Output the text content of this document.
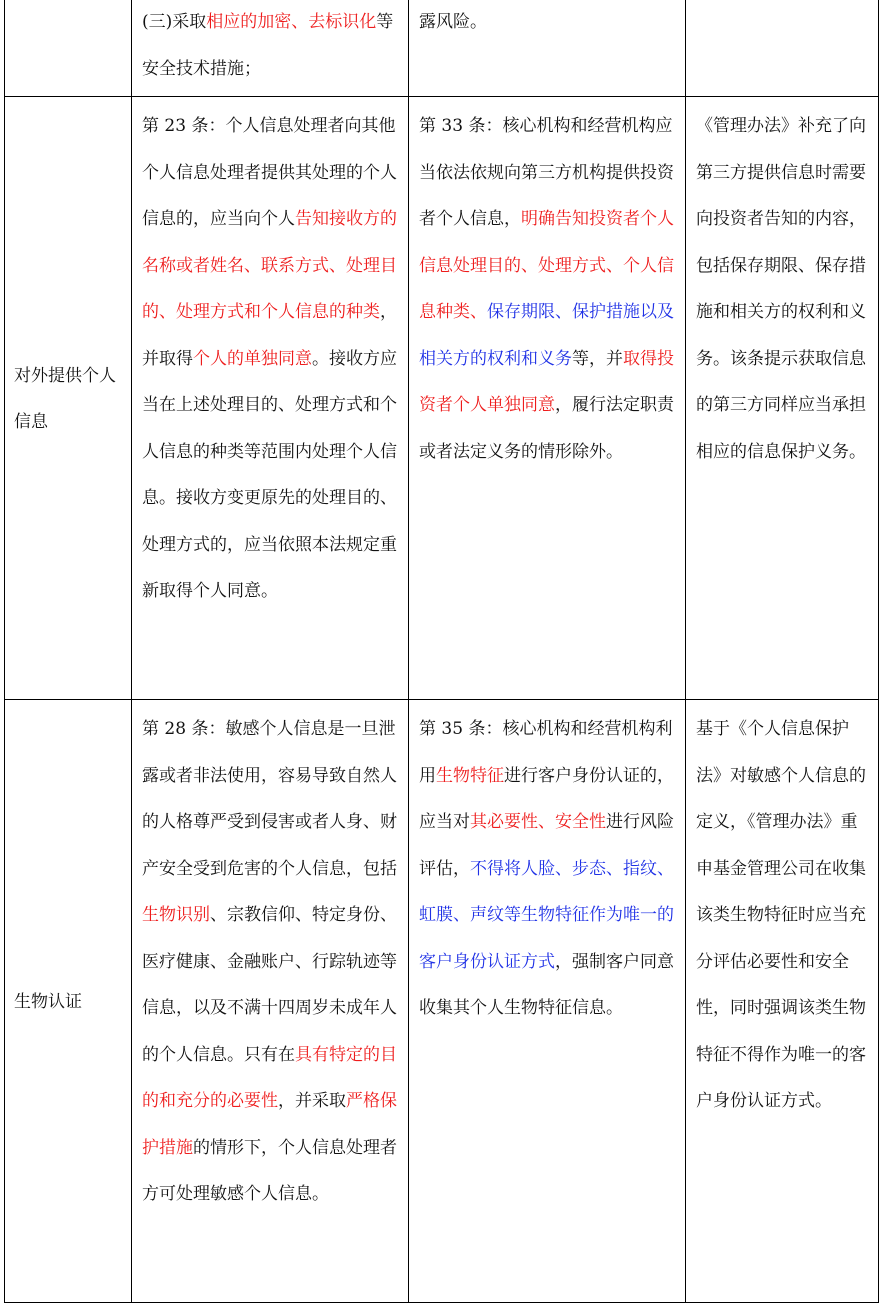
	(三)采取相应的加密、去标识化等安全技术措施；	露风险。	
对外提供个人信息	第 23 条：个人信息处理者向其他个人信息处理者提供其处理的个人信息的，应当向个人告知接收方的名称或者姓名、联系方式、处理目的、处理方式和个人信息的种类，并取得个人的单独同意。接收方应当在上述处理目的、处理方式和个人信息的种类等范围内处理个人信息。接收方变更原先的处理目的、处理方式的，应当依照本法规定重新取得个人同意。	第 33 条：核心机构和经营机构应当依法依规向第三方机构提供投资者个人信息，明确告知投资者个人信息处理目的、处理方式、个人信息种类、保存期限、保护措施以及相关方的权利和义务等，并取得投资者个人单独同意，履行法定职责或者法定义务的情形除外。	《管理办法》补充了向第三方提供信息时需要向投资者告知的内容，包括保存期限、保存措施和相关方的权利和义务。该条提示获取信息的第三方同样应当承担相应的信息保护义务。
生物认证	第 28 条：敏感个人信息是一旦泄露或者非法使用，容易导致自然人的人格尊严受到侵害或者人身、财产安全受到危害的个人信息，包括生物识别、宗教信仰、特定身份、医疗健康、金融账户、行踪轨迹等信息，以及不满十四周岁未成年人的个人信息。只有在具有特定的目的和充分的必要性，并采取严格保护措施的情形下，个人信息处理者方可处理敏感个人信息。	第 35 条：核心机构和经营机构利用生物特征进行客户身份认证的，应当对其必要性、安全性进行风险评估，不得将人脸、步态、指纹、虹膜、声纹等生物特征作为唯一的客户身份认证方式，强制客户同意收集其个人生物特征信息。	基于《个人信息保护法》对敏感个人信息的定义，《管理办法》重申基金管理公司在收集该类生物特征时应当充分评估必要性和安全性，同时强调该类生物特征不得作为唯一的客户身份认证方式。
